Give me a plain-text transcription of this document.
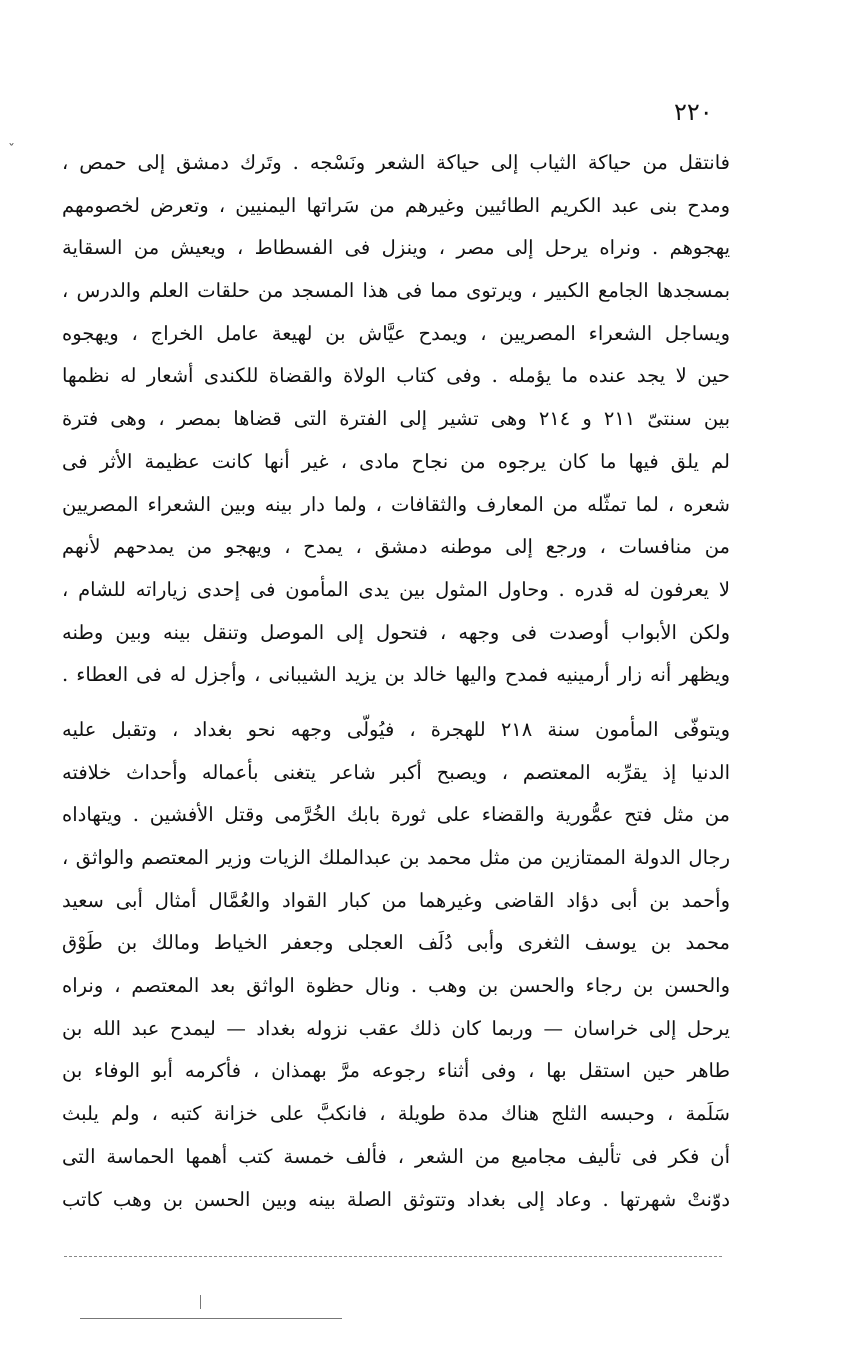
٢٢٠
ˇ
فانتقل من حياكة الثياب إلى حياكة الشعر ونَسْجه . وتَرك دمشق إلى حمص ،
ومدح بنى عبد الكريم الطائيين وغيرهم من سَراتها اليمنيين ، وتعرض لخصومهم
يهجوهم . ونراه يرحل إلى مصر ، وينزل فى الفسطاط ، ويعيش من السقاية
بمسجدها الجامع الكبير ، ويرتوى مما فى هذا المسجد من حلقات العلم والدرس ،
ويساجل الشعراء المصريين ، ويمدح عيَّاش بن لهيعة عامل الخراج ، ويهجوه
حين لا يجد عنده ما يؤمله . وفى كتاب الولاة والقضاة للكندى أشعار له نظمها
بين سنتىّ ٢١١ و ٢١٤ وهى تشير إلى الفترة التى قضاها بمصر ، وهى فترة
لم يلق فيها ما كان يرجوه من نجاح مادى ، غير أنها كانت عظيمة الأثر فى
شعره ، لما تمثّله من المعارف والثقافات ، ولما دار بينه وبين الشعراء المصريين
من منافسات ، ورجع إلى موطنه دمشق ، يمدح ، ويهجو من يمدحهم لأنهم
لا يعرفون له قدره . وحاول المثول بين يدى المأمون فى إحدى زياراته للشام ،
ولكن الأبواب أوصدت فى وجهه ، فتحول إلى الموصل وتنقل بينه وبين وطنه
ويظهر أنه زار أرمينيه فمدح واليها خالد بن يزيد الشيبانى ، وأجزل له فى العطاء .
ويتوفّى المأمون سنة ٢١٨ للهجرة ، فيُولّى وجهه نحو بغداد ، وتقبل عليه
الدنيا إذ يقرِّبه المعتصم ، ويصبح أكبر شاعر يتغنى بأعماله وأحداث خلافته
من مثل فتح عمُّورية والقضاء على ثورة بابك الخُرَّمى وقتل الأفشين . ويتهاداه
رجال الدولة الممتازين من مثل محمد بن عبدالملك الزيات وزير المعتصم والواثق ،
وأحمد بن أبى دؤاد القاضى وغيرهما من كبار القواد والعُمَّال أمثال أبى سعيد
محمد بن يوسف الثغرى وأبى دُلَف العجلى وجعفر الخياط ومالك بن طَوْق
والحسن بن رجاء والحسن بن وهب . ونال حظوة الواثق بعد المعتصم ، ونراه
يرحل إلى خراسان — وربما كان ذلك عقب نزوله بغداد — ليمدح عبد الله بن
طاهر حين استقل بها ، وفى أثناء رجوعه مرَّ بهمذان ، فأكرمه أبو الوفاء بن
سَلَمة ، وحبسه الثلج هناك مدة طويلة ، فانكبَّ على خزانة كتبه ، ولم يلبث
أن فكر فى تأليف مجاميع من الشعر ، فألف خمسة كتب أهمها الحماسة التى
دوّنتْ شهرتها . وعاد إلى بغداد وتتوثق الصلة بينه وبين الحسن بن وهب كاتب
